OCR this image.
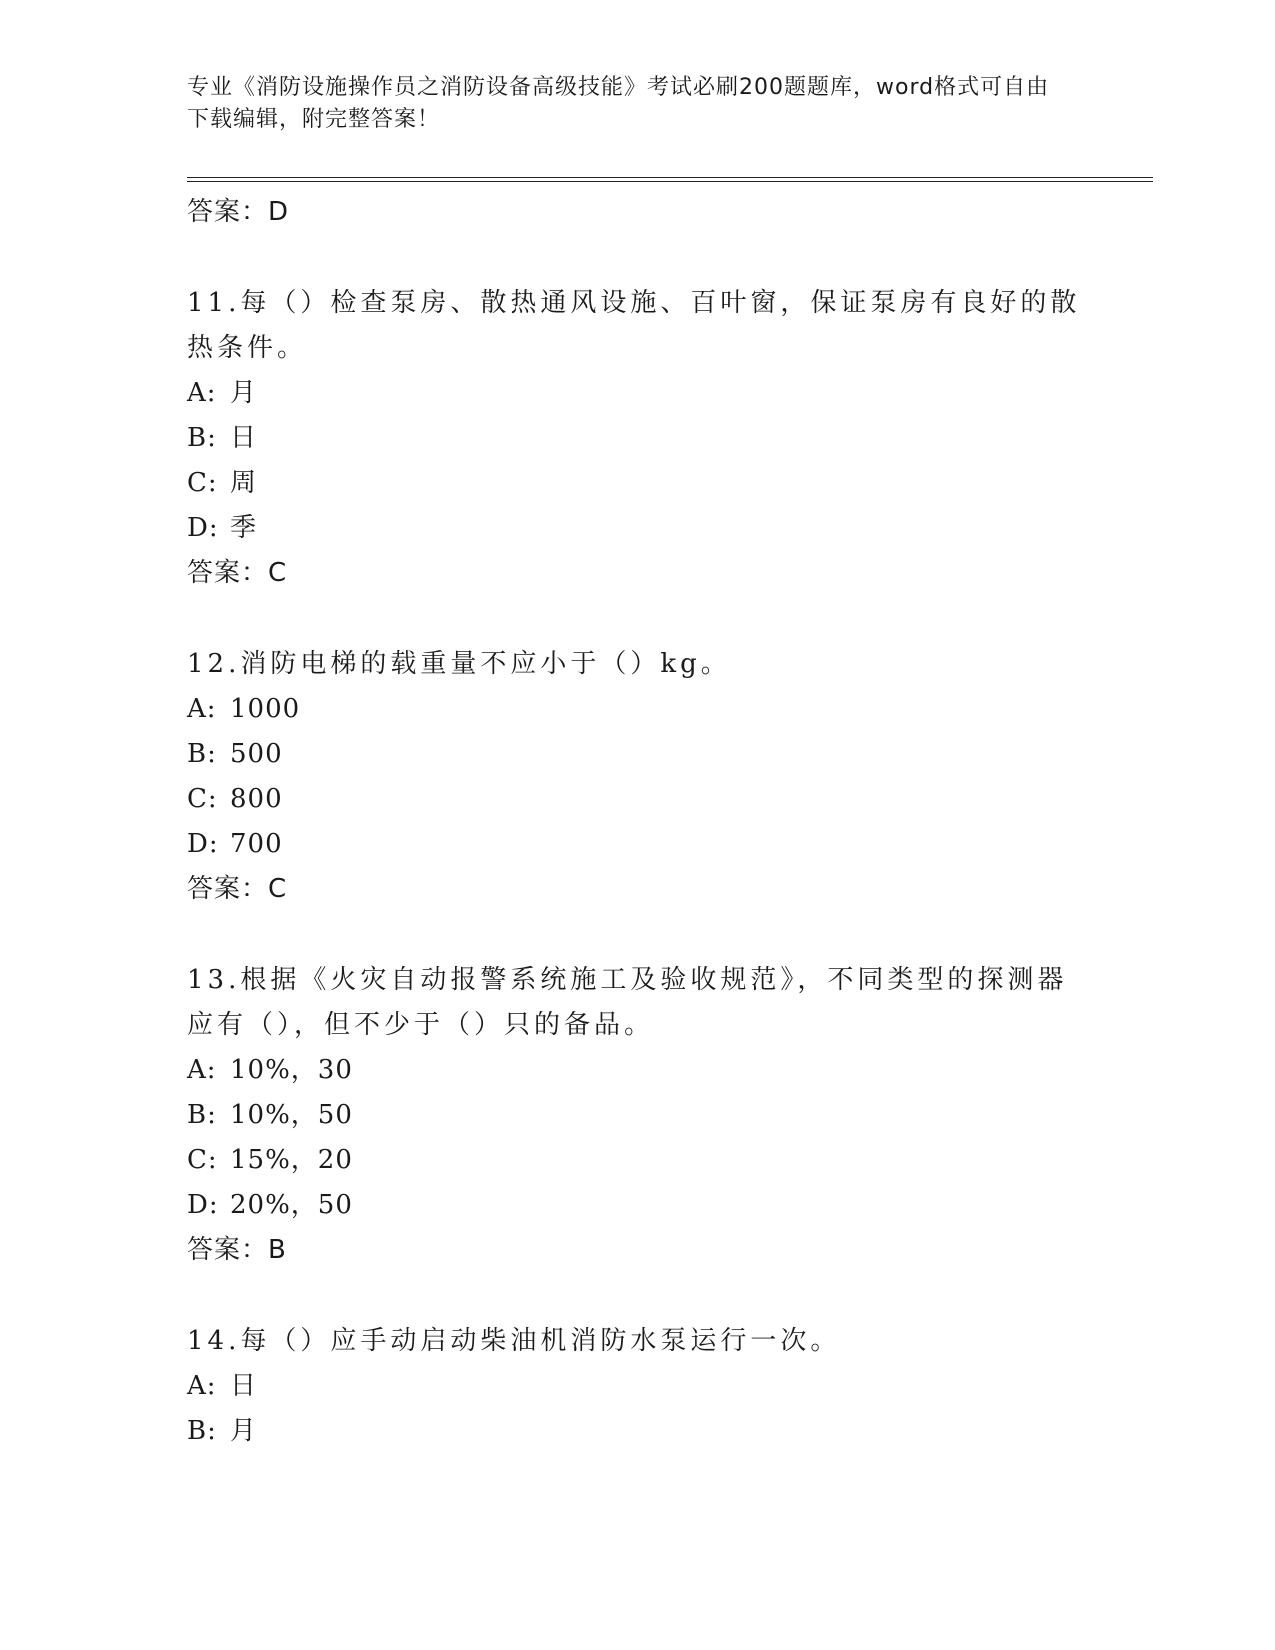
专业《消防设施操作员之消防设备高级技能》考试必刷200题题库，word格式可自由下载编辑，附完整答案！
答案：D
11.每（）检查泵房、散热通风设施、百叶窗，保证泵房有良好的散热条件。
A: 月
B: 日
C: 周
D: 季
答案：C
12.消防电梯的载重量不应小于（）kg。
A: 1000
B: 500
C: 800
D: 700
答案：C
13.根据《火灾自动报警系统施工及验收规范》，不同类型的探测器应有（），但不少于（）只的备品。
A: 10%，30
B: 10%，50
C: 15%，20
D: 20%，50
答案：B
14.每（）应手动启动柴油机消防水泵运行一次。
A: 日
B: 月
